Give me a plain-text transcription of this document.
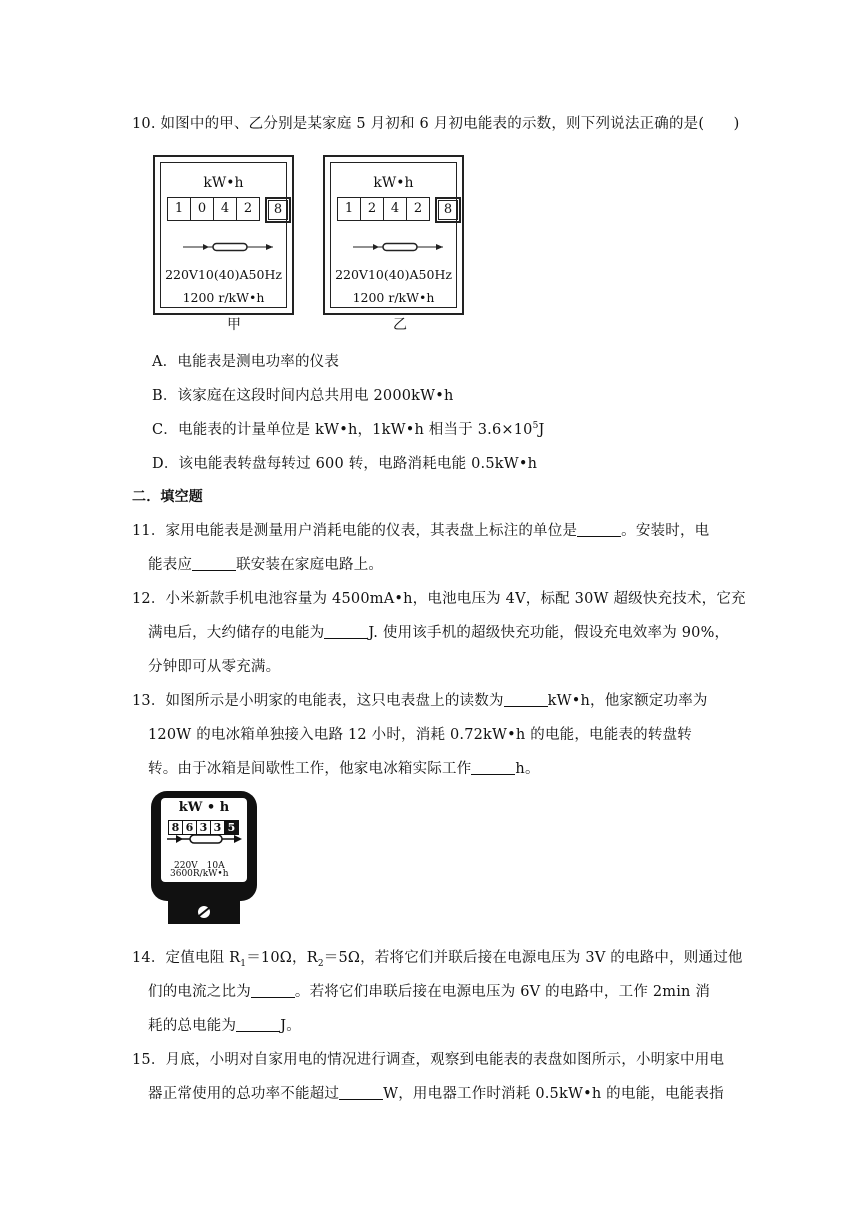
10. 如图中的甲、乙分别是某家庭 5 月初和 6 月初电能表的示数，则下列说法正确的是(　　)
kW•h
1	0	4	2	8
220V10(40)A50Hz
1200 r/kW•h
甲
kW•h
1	2	4	2	8
220V10(40)A50Hz
1200 r/kW•h
乙
A．电能表是测电功率的仪表
B．该家庭在这段时间内总共用电 2000kW•h
C．电能表的计量单位是 kW•h，1kW•h 相当于 $3.6\times 10^5J$
D．该电能表转盘每转过 600 转，电路消耗电能 0.5kW•h
二．填空题
11．家用电能表是测量用户消耗电能的仪表，其表盘上标注的单位是	。安装时，电
能表应	联安装在家庭电路上。
12．小米新款手机电池容量为 4500mA•h，电池电压为 4V，标配 30W 超级快充技术，它充
满电后，大约储存的电能为	J. 使用该手机的超级快充功能，假设充电效率为 90%，
分钟即可从零充满。
13．如图所示是小明家的电能表，这只电表盘上的读数为	kW•h，他家额定功率为
120W 的电冰箱单独接入电路 12 小时，消耗 0.72kW•h 的电能，电能表的转盘转
转。由于冰箱是间歇性工作，他家电冰箱实际工作	h。
kW • h
8 6 3 3 5
220V　10A
3600R/kW•h
14．定值电阻 $R_1=10\Omega$，$R_2=5\Omega$，若将它们并联后接在电源电压为 3V 的电路中，则通过他
们的电流之比为	。若将它们串联后接在电源电压为 6V 的电路中，工作 2min 消
耗的总电能为	J。
15．月底，小明对自家用电的情况进行调查，观察到电能表的表盘如图所示，小明家中用电
器正常使用的总功率不能超过	W，用电器工作时消耗 0.5kW•h 的电能，电能表指
